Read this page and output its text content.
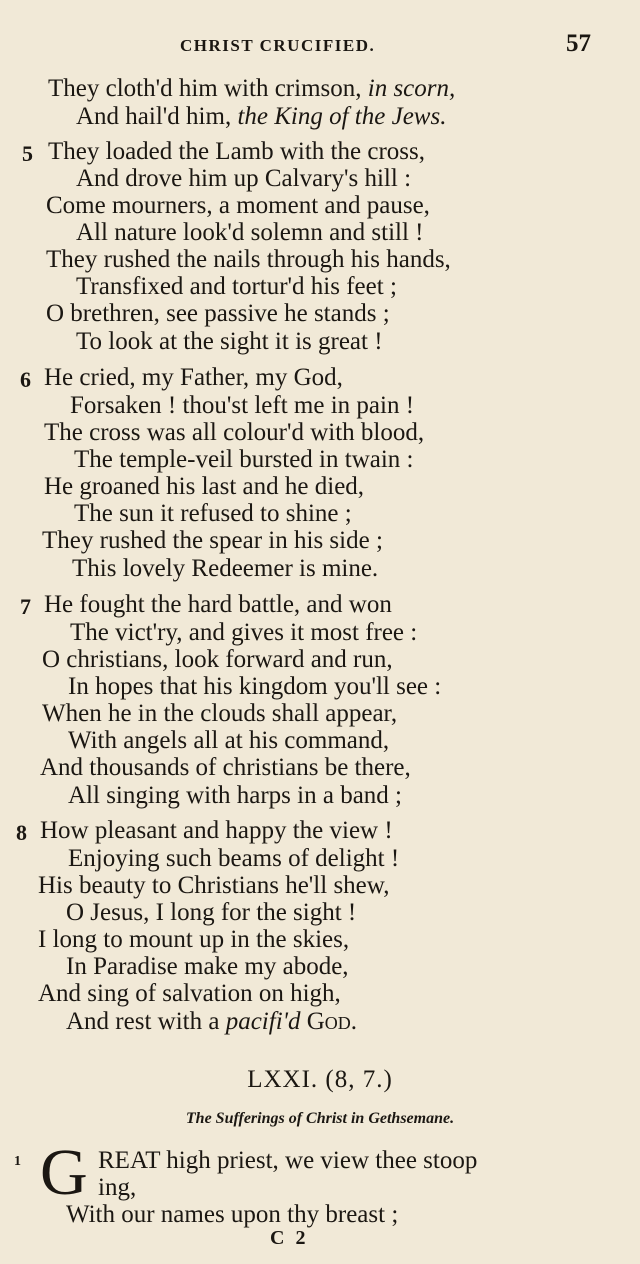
CHRIST CRUCIFIED.	57
They cloth'd him with crimson, in scorn,
And hail'd him, the King of the Jews.
5 They loaded the Lamb with the cross,
And drove him up Calvary's hill :
Come mourners, a moment and pause,
All nature look'd solemn and still !
They rushed the nails through his hands,
Transfixed and tortur'd his feet ;
O brethren, see passive he stands ;
To look at the sight it is great !
6 He cried, my Father, my God,
Forsaken ! thou'st left me in pain !
The cross was all colour'd with blood,
The temple-veil bursted in twain :
He groaned his last and he died,
The sun it refused to shine ;
They rushed the spear in his side ;
This lovely Redeemer is mine.
7 He fought the hard battle, and won
The vict'ry, and gives it most free :
O christians, look forward and run,
In hopes that his kingdom you'll see :
When he in the clouds shall appear,
With angels all at his command,
And thousands of christians be there,
All singing with harps in a band ;
8 How pleasant and happy the view !
Enjoying such beams of delight !
His beauty to Christians he'll shew,
O Jesus, I long for the sight !
I long to mount up in the skies,
In Paradise make my abode,
And sing of salvation on high,
And rest with a pacifi'd God.
LXXI. (8, 7.)
The Sufferings of Christ in Gethsemane.
1 G REAT high priest, we view thee stoop
ing,
With our names upon thy breast ;
C 2
